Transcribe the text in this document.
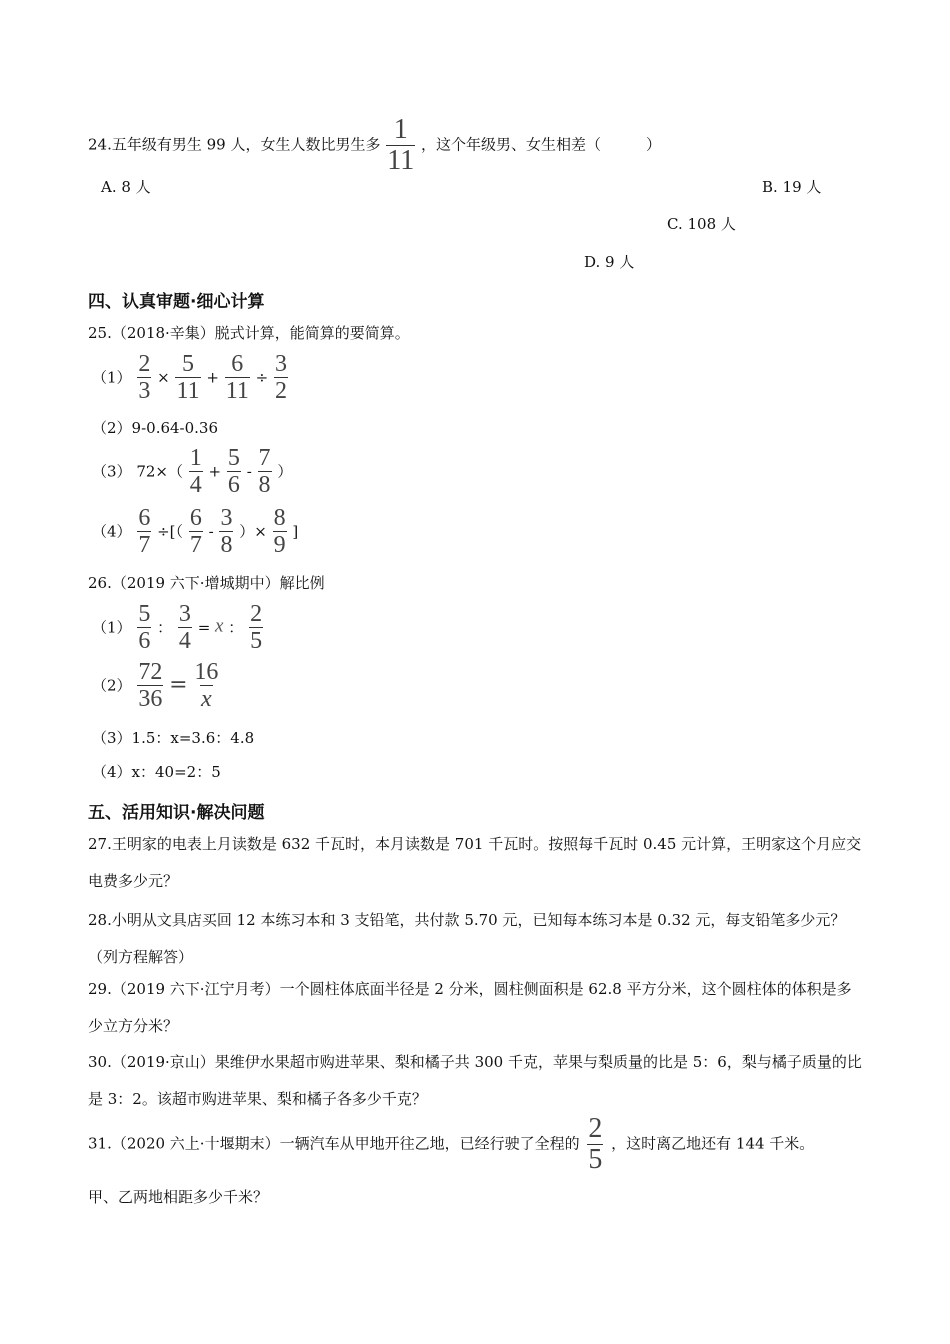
24.五年级有男生 99 人，女生人数比男生多 $\frac{1}{11}$ ，这个年级男、女生相差（　　　）
A. 8 人	B. 19 人
C. 108 人
D. 9 人
四、认真审题·细心计算
25.（2018·辛集）脱式计算，能简算的要简算。
$(1) \frac{2}{3} \times \frac{5}{11} + \frac{6}{11} \div \frac{3}{2}$
（2）9-0.64-0.36
（3） $72\times( \frac{1}{4} + \frac{5}{6} - \frac{7}{8}$ ）
$(4) \frac{6}{7}$ ÷[（ $\frac{6}{7} - \frac{3}{8}$ ）× $\frac{8}{9}$ ]
26.（2019 六下·增城期中）解比例
$(1) \frac{5}{6}$ ： $\frac{3}{4} = x$ ： $\frac{2}{5}$
$(2) \frac{72}{36} = \frac{16}{x}$
（3）1.5：x=3.6：4.8
（4）x：40=2：5
五、活用知识·解决问题
27.王明家的电表上月读数是 632 千瓦时，本月读数是 701 千瓦时。按照每千瓦时 0.45 元计算，王明家这个月应交电费多少元？
28.小明从文具店买回 12 本练习本和 3 支铅笔，共付款 5.70 元，已知每本练习本是 0.32 元，每支铅笔多少元？（列方程解答）
29.（2019 六下·江宁月考）一个圆柱体底面半径是 2 分米，圆柱侧面积是 62.8 平方分米，这个圆柱体的体积是多少立方分米？
30.（2019·京山）果维伊水果超市购进苹果、梨和橘子共 300 千克，苹果与梨质量的比是 5：6，梨与橘子质量的比是 3：2。该超市购进苹果、梨和橘子各多少千克？
31.（2020 六上·十堰期末）一辆汽车从甲地开往乙地，已经行驶了全程的 $\frac{2}{5}$ ，这时离乙地还有 144 千米。
甲、乙两地相距多少千米？
